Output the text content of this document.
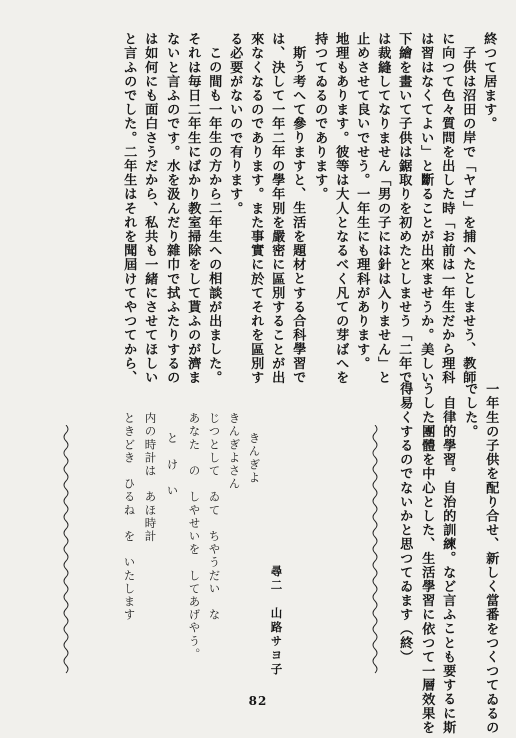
終つて居ます。
子供は沼田の岸で「ヤゴ」を捕へたとしませう、教師
に向つて色々質問を出した時「お前は一年生だから理科
は習はなくてよい」と斷ることが出來ませうか。美しい
下繪を畫いて子供は鋸取りを初めたとしませう「二年で
は裁縫してなりません「男の子には針は入りません」と
止めさせて良いでせう。一年生にも理科があります。
地理もあります。彼等は大人となるべく凡ての芽ばへを
持つてゐるのであります。
斯う考へて參りますと、生活を題材とする合科學習で
は、決して一年二年の學年別を嚴密に區別することが出
來なくなるのであります。また事實に於てそれを區別す
る必要がないので有ります。
この間も一年生の方から二年生への相談が出ました。
それは毎日二年生にばかり教室掃除をして貰ふのが濟ま
ないと言ふのです。水を汲んだり雜巾で拭ふたりするの
は如何にも面白さうだから、私共も一緒にさせてほしい
と言ふのでした。二年生はそれを聞屆けてやつてから、
一年生の子供を配り合せ、新しく當番をつくつてゐるの
でした。
自律的學習。自治的訓練。など言ふことも要するに斯
うした團體を中心とした、生活學習に依つて一層效果を
得易くするのでないかと思つてゐます（終）
尋二　山路サヨ子
きんぎよ
きんぎよさん
じつとして　ゐて　ちやうだい　な
あなた　の　しやせいを　してあげやう。
と　け　い
内の時計は　あほ時計
ときどき　ひるね　を　いたします
82
